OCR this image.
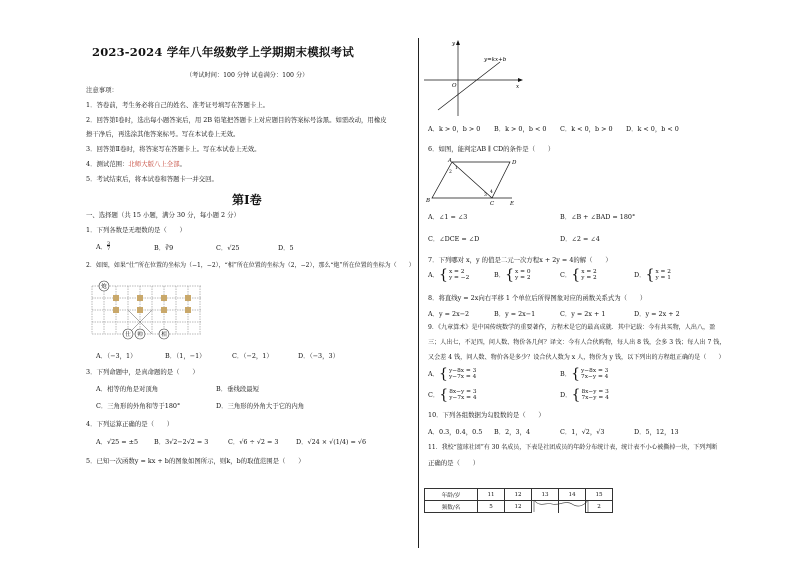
2023-2024 学年八年级数学上学期期末模拟考试
（考试时间：100 分钟 试卷满分：100 分）
注意事项：
1．答卷前，考生务必将自己的姓名、准考证号填写在答题卡上。
2．回答第Ⅰ卷时，选出每小题答案后，用 2B 铅笔把答题卡上对应题目的答案标号涂黑。如需改动，用橡皮
擦干净后，再选涂其他答案标号。写在本试卷上无效。
3．回答第Ⅱ卷时，将答案写在答题卡上。写在本试卷上无效。
4．测试范围：北师大版八上全部。
5．考试结束后，将本试卷和答题卡一并交回。
第Ⅰ卷
一、选择题（共 15 小题，满分 30 分，每小题 2 分）
1．下列各数是无理数的是（　　）
A．3
7	B．∛9	C．√25	D．5
2．如图，如果“仕”所在位置的坐标为（−1，−2），“相”所在位置的坐标为（2，−2），那么“炮”所在位置的坐标为（　　）
炮
仕 帅	相
A．（−3，1）	B．（1，−1）	C．（−2，1）	D．（−3，3）
3．下列命题中，是真命题的是（　　）
A．相等的角是对顶角	B．垂线段最短
C．三角形的外角和等于180°	D．三角形的外角大于它的内角
4．下列运算正确的是（　　）
A．√25 = ±5 B．3√2−2√2 = 3	C．√6 ÷ √2 = 3	D．√24 × √(1/4) = √6
5．已知一次函数y = kx + b的图象如图所示，则k，b的取值范围是（　　）
y
x
O
y=kx+b
A．k > 0，b > 0 B．k > 0，b < 0 C．k < 0，b > 0 D．k < 0，b < 0
6．如图，能判定AB ∥ CD的条件是（　　）
A	D
B	C	E
1
2
3
4
A．∠1 = ∠3	B．∠B + ∠BAD = 180°
C．∠DCE = ∠D	D．∠2 = ∠4
7．下列哪对 x，y 的值是二元一次方程x + 2y = 4的解（　　）
A．{x = 2
y = −2	B．{x = 0
y = 2	C．{x = 2
y = 2	D．{x = 2
y = 1
8．将直线y = 2x向右平移 1 个单位后所得图象对应的函数关系式为（　　）
A．y = 2x−2	B．y = 2x−1	C．y = 2x + 1	D．y = 2x + 2
9．《九章算术》是中国传统数学的重要著作，方程术是它的最高成就．其中记载：今有共买物，人出八，盈
三；人出七，不足四，问人数、物价各几何？译文：今有人合伙购物，每人出 8 钱，会多 3 钱；每人出 7 钱，
又会差 4 钱，问人数、物价各是多少？设合伙人数为 x 人，物价为 y 钱，以下列出的方程组正确的是（　　）
A．{y−8x = 3
y−7x = 4	B．{y−8x = 3
7x−y = 4
C．{8x−y = 3
y−7x = 4	D．{8x−y = 3
7x−y = 4
10．下列各组数据为勾股数的是（　　）
A．0.3，0.4，0.5 B．2，3，4	C．1，√2，√3	D．5，12，13
11．我校“篮球社团”有 30 名成员，下表是社团成员的年龄分布统计表，统计表不小心被撕掉一块，下列判断
正确的是（　　）
年龄/岁	11	12	13	14	15
频数/名	5	12			2
